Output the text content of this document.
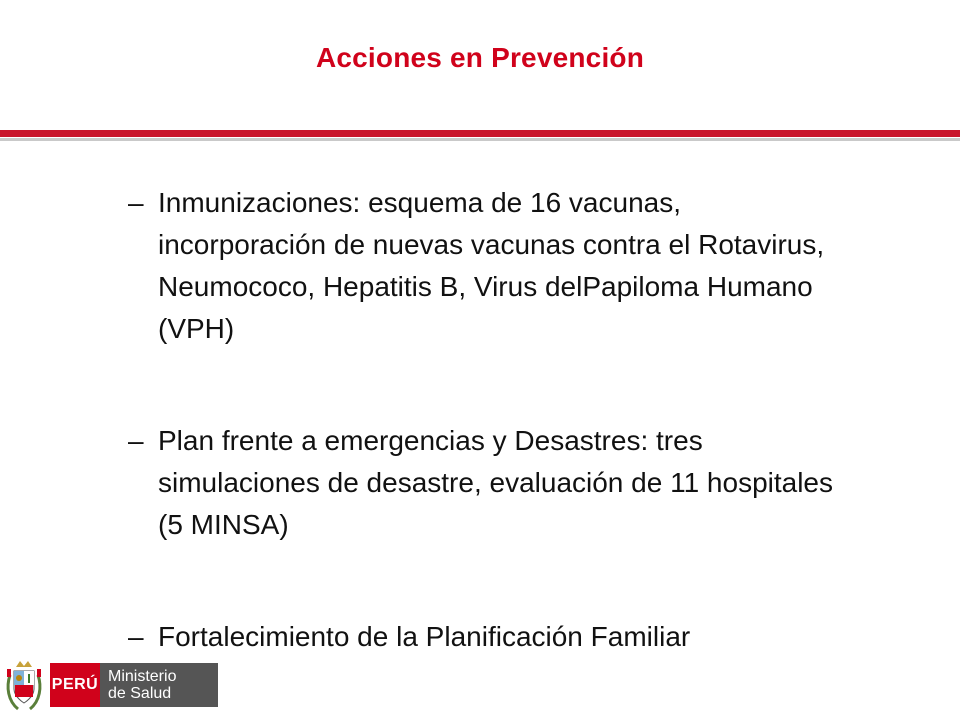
Acciones en Prevención
– Inmunizaciones: esquema de 16 vacunas, incorporación de nuevas vacunas contra el Rotavirus, Neumococo, Hepatitis B, Virus delPapiloma Humano (VPH)
– Plan frente a emergencias y Desastres: tres simulaciones de desastre, evaluación de 11 hospitales (5 MINSA)
– Fortalecimiento de la Planificación Familiar
PERÚ Ministerio
de Salud
